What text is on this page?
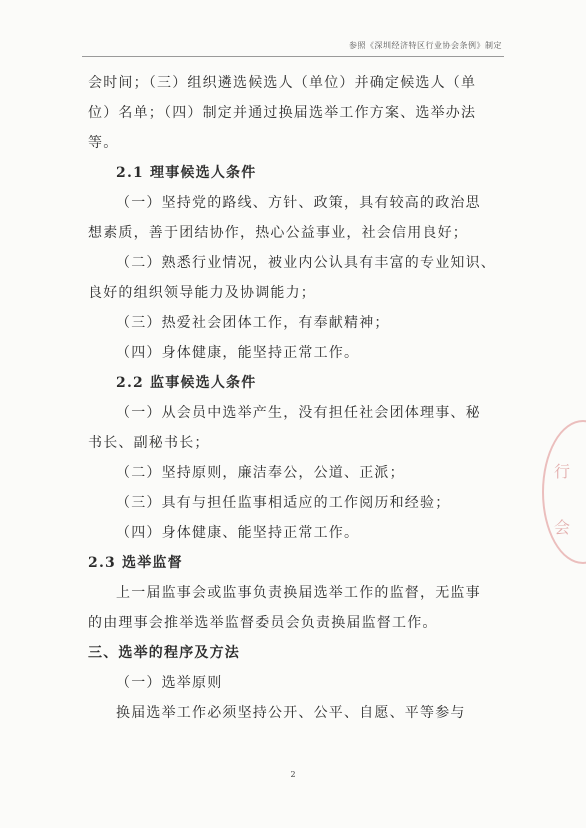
参照《深圳经济特区行业协会条例》制定

会时间；（三）组织遴选候选人（单位）并确定候选人（单

位）名单；（四）制定并通过换届选举工作方案、选举办法

等。

2.1 理事候选人条件

（一）坚持党的路线、方针、政策，具有较高的政治思

想素质，善于团结协作，热心公益事业，社会信用良好；

（二）熟悉行业情况，被业内公认具有丰富的专业知识、

良好的组织领导能力及协调能力；

（三）热爱社会团体工作，有奉献精神；

（四）身体健康，能坚持正常工作。

2.2 监事候选人条件

（一）从会员中选举产生，没有担任社会团体理事、秘

书长、副秘书长；

（二）坚持原则，廉洁奉公，公道、正派；

（三）具有与担任监事相适应的工作阅历和经验；

（四）身体健康、能坚持正常工作。

2.3 选举监督

上一届监事会或监事负责换届选举工作的监督，无监事

的由理事会推举选举监督委员会负责换届监督工作。

三、选举的程序及方法

（一）选举原则

换届选举工作必须坚持公开、公平、自愿、平等参与

行 会
2
